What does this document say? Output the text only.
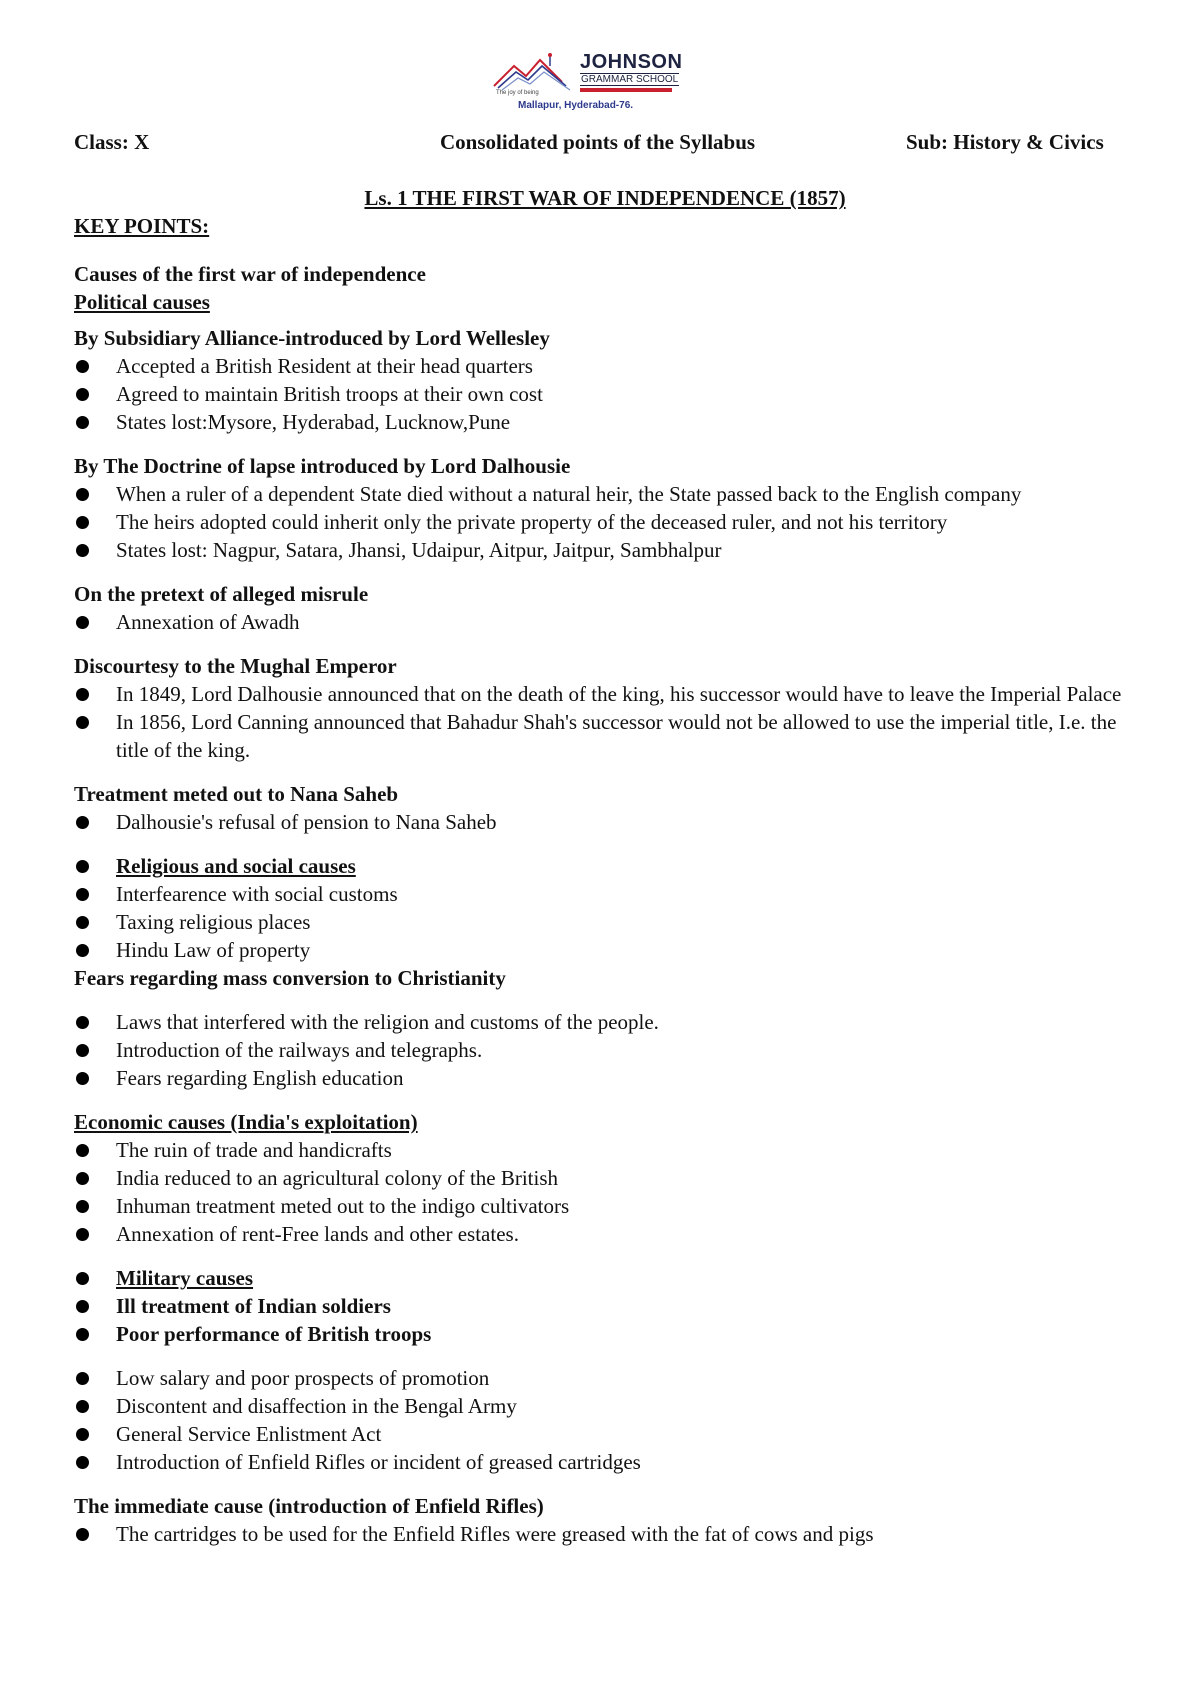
JOHNSON
GRAMMAR SCHOOL
The joy of being
Mallapur, Hyderabad-76.
Class: X	Consolidated points of the Syllabus	Sub: History & Civics
Ls. 1 THE FIRST WAR OF INDEPENDENCE (1857)
KEY POINTS:
Causes of the first war of independence
Political causes
By Subsidiary Alliance-introduced by Lord Wellesley
Accepted a British Resident at their head quarters
Agreed to maintain British troops at their own cost
States lost:Mysore, Hyderabad, Lucknow,Pune
By The Doctrine of lapse introduced by Lord Dalhousie
When a ruler of a dependent State died without a natural heir, the State passed back to the English company
The heirs adopted could inherit only the private property of the deceased ruler, and not his territory
States lost: Nagpur, Satara, Jhansi, Udaipur, Aitpur, Jaitpur, Sambhalpur
On the pretext of alleged misrule
Annexation of Awadh
Discourtesy to the Mughal Emperor
In 1849, Lord Dalhousie announced that on the death of the king, his successor would have to leave the Imperial Palace
In 1856, Lord Canning announced that Bahadur Shah's successor would not be allowed to use the imperial title, I.e. the title of the king.
Treatment meted out to Nana Saheb
Dalhousie's refusal of pension to Nana Saheb
Religious and social causes
Interfearence with social customs
Taxing religious places
Hindu Law of property
Fears regarding mass conversion to Christianity
Laws that interfered with the religion and customs of the people.
Introduction of the railways and telegraphs.
Fears regarding English education
Economic causes (India's exploitation)
The ruin of trade and handicrafts
India reduced to an agricultural colony of the British
Inhuman treatment meted out to the indigo cultivators
Annexation of rent-Free lands and other estates.
Military causes
Ill treatment of Indian soldiers
Poor performance of British troops
Low salary and poor prospects of promotion
Discontent and disaffection in the Bengal Army
General Service Enlistment Act
Introduction of Enfield Rifles or incident of greased cartridges
The immediate cause (introduction of Enfield Rifles)
The cartridges to be used for the Enfield Rifles were greased with the fat of cows and pigs
